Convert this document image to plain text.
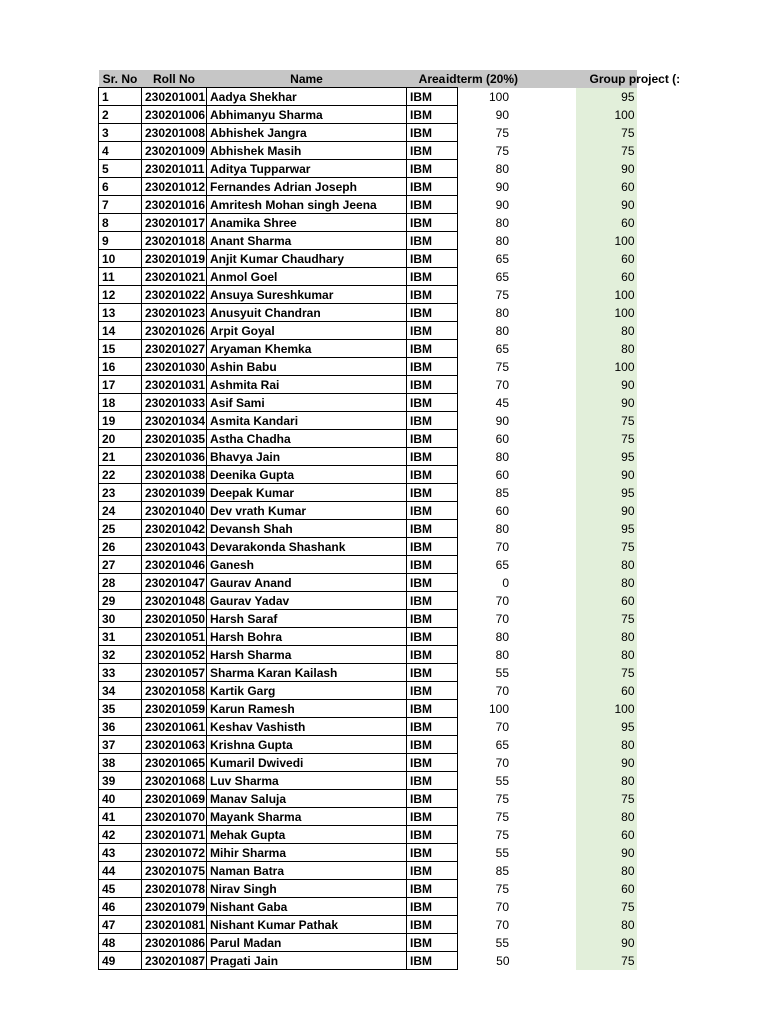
Sr. No	Roll No	Name	Area	idterm (20%)		Group project (:
1	230201001	Aadya Shekhar	IBM	100		95
2	230201006	Abhimanyu Sharma	IBM	90		100
3	230201008	Abhishek Jangra	IBM	75		75
4	230201009	Abhishek Masih	IBM	75		75
5	230201011	Aditya Tupparwar	IBM	80		90
6	230201012	Fernandes Adrian Joseph	IBM	90		60
7	230201016	Amritesh Mohan singh Jeena	IBM	90		90
8	230201017	Anamika Shree	IBM	80		60
9	230201018	Anant Sharma	IBM	80		100
10	230201019	Anjit Kumar Chaudhary	IBM	65		60
11	230201021	Anmol Goel	IBM	65		60
12	230201022	Ansuya Sureshkumar	IBM	75		100
13	230201023	Anusyuit Chandran	IBM	80		100
14	230201026	Arpit Goyal	IBM	80		80
15	230201027	Aryaman Khemka	IBM	65		80
16	230201030	Ashin Babu	IBM	75		100
17	230201031	Ashmita Rai	IBM	70		90
18	230201033	Asif Sami	IBM	45		90
19	230201034	Asmita Kandari	IBM	90		75
20	230201035	Astha Chadha	IBM	60		75
21	230201036	Bhavya Jain	IBM	80		95
22	230201038	Deenika Gupta	IBM	60		90
23	230201039	Deepak Kumar	IBM	85		95
24	230201040	Dev vrath Kumar	IBM	60		90
25	230201042	Devansh Shah	IBM	80		95
26	230201043	Devarakonda Shashank	IBM	70		75
27	230201046	Ganesh	IBM	65		80
28	230201047	Gaurav Anand	IBM	0		80
29	230201048	Gaurav Yadav	IBM	70		60
30	230201050	Harsh Saraf	IBM	70		75
31	230201051	Harsh Bohra	IBM	80		80
32	230201052	Harsh Sharma	IBM	80		80
33	230201057	Sharma Karan Kailash	IBM	55		75
34	230201058	Kartik Garg	IBM	70		60
35	230201059	Karun Ramesh	IBM	100		100
36	230201061	Keshav Vashisth	IBM	70		95
37	230201063	Krishna Gupta	IBM	65		80
38	230201065	Kumaril Dwivedi	IBM	70		90
39	230201068	Luv Sharma	IBM	55		80
40	230201069	Manav Saluja	IBM	75		75
41	230201070	Mayank Sharma	IBM	75		80
42	230201071	Mehak Gupta	IBM	75		60
43	230201072	Mihir Sharma	IBM	55		90
44	230201075	Naman Batra	IBM	85		80
45	230201078	Nirav Singh	IBM	75		60
46	230201079	Nishant Gaba	IBM	70		75
47	230201081	Nishant Kumar Pathak	IBM	70		80
48	230201086	Parul Madan	IBM	55		90
49	230201087	Pragati Jain	IBM	50		75
